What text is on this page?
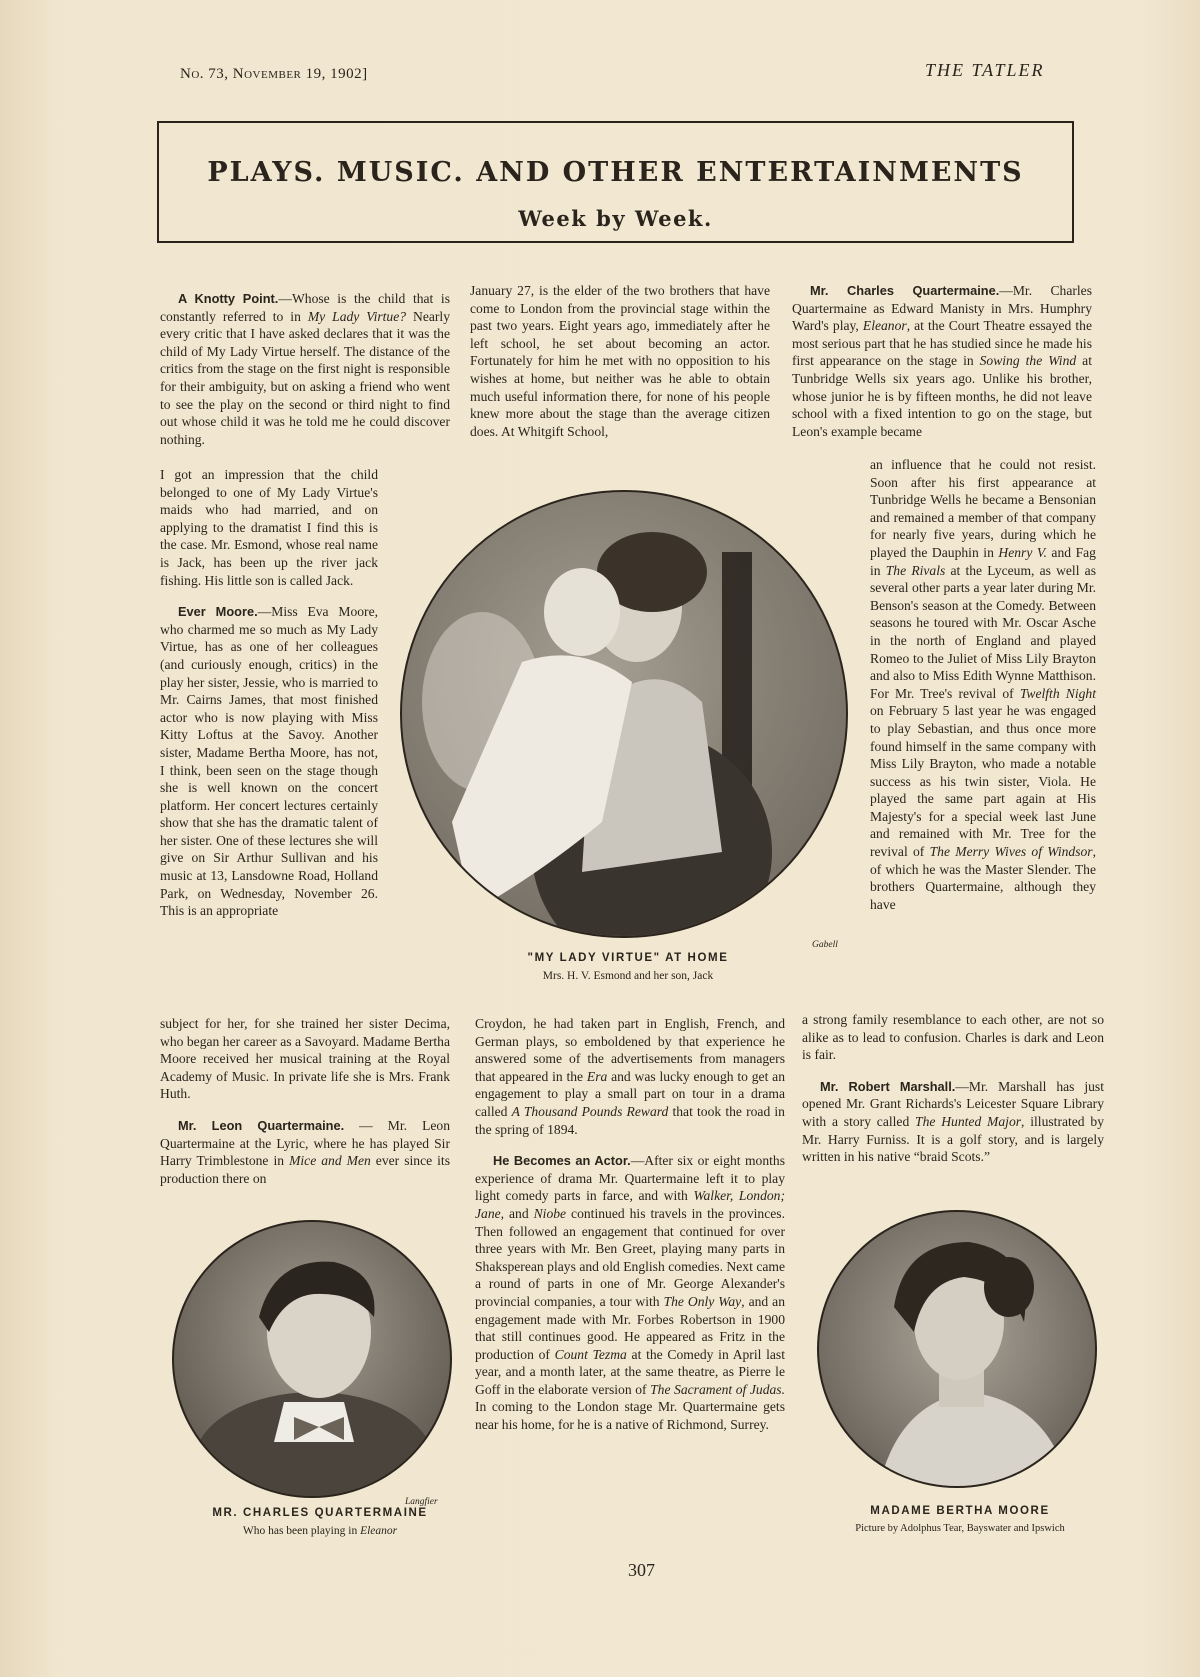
No. 73, November 19, 1902]	THE TATLER
PLAYS. MUSIC. AND OTHER ENTERTAINMENTS
Week by Week.

A Knotty Point.—Whose is the child that is constantly referred to in My Lady Virtue? Nearly every critic that I have asked declares that it was the child of My Lady Virtue herself. The distance of the critics from the stage on the first night is responsible for their ambiguity, but on asking a friend who went to see the play on the second or third night to find out whose child it was he told me he could discover nothing.

I got an impression that the child belonged to one of My Lady Virtue's maids who had married, and on applying to the dramatist I find this is the case. Mr. Esmond, whose real name is Jack, has been up the river jack fishing. His little son is called Jack.

Ever Moore.—Miss Eva Moore, who charmed me so much as My Lady Virtue, has as one of her colleagues (and curiously enough, critics) in the play her sister, Jessie, who is married to Mr. Cairns James, that most finished actor who is now playing with Miss Kitty Loftus at the Savoy. Another sister, Madame Bertha Moore, has not, I think, been seen on the stage though she is well known on the concert platform. Her concert lectures certainly show that she has the dramatic talent of her sister. One of these lectures she will give on Sir Arthur Sullivan and his music at 13, Lansdowne Road, Holland Park, on Wednesday, November 26. This is an appropriate

subject for her, for she trained her sister Decima, who began her career as a Savoyard. Madame Bertha Moore received her musical training at the Royal Academy of Music. In private life she is Mrs. Frank Huth.

Mr. Leon Quartermaine. — Mr. Leon Quartermaine at the Lyric, where he has played Sir Harry Trimblestone in Mice and Men ever since its production there on

January 27, is the elder of the two brothers that have come to London from the provincial stage within the past two years. Eight years ago, immediately after he left school, he set about becoming an actor. Fortunately for him he met with no opposition to his wishes at home, but neither was he able to obtain much useful information there, for none of his people knew more about the stage than the average citizen does. At Whitgift School,

Croydon, he had taken part in English, French, and German plays, so emboldened by that experience he answered some of the advertisements from managers that appeared in the Era and was lucky enough to get an engagement to play a small part on tour in a drama called A Thousand Pounds Reward that took the road in the spring of 1894.

He Becomes an Actor.—After six or eight months experience of drama Mr. Quartermaine left it to play light comedy parts in farce, and with Walker, London; Jane, and Niobe continued his travels in the provinces. Then followed an engagement that continued for over three years with Mr. Ben Greet, playing many parts in Shaksperean plays and old English comedies. Next came a round of parts in one of Mr. George Alexander's provincial companies, a tour with The Only Way, and an engagement made with Mr. Forbes Robertson in 1900 that still continues good. He appeared as Fritz in the production of Count Tezma at the Comedy in April last year, and a month later, at the same theatre, as Pierre le Goff in the elaborate version of The Sacrament of Judas. In coming to the London stage Mr. Quartermaine gets near his home, for he is a native of Richmond, Surrey.

Mr. Charles Quartermaine.—Mr. Charles Quartermaine as Edward Manisty in Mrs. Humphry Ward's play, Eleanor, at the Court Theatre essayed the most serious part that he has studied since he made his first appearance on the stage in Sowing the Wind at Tunbridge Wells six years ago. Unlike his brother, whose junior he is by fifteen months, he did not leave school with a fixed intention to go on the stage, but Leon's example became

an influence that he could not resist. Soon after his first appearance at Tunbridge Wells he became a Bensonian and remained a member of that company for nearly five years, during which he played the Dauphin in Henry V. and Fag in The Rivals at the Lyceum, as well as several other parts a year later during Mr. Benson's season at the Comedy. Between seasons he toured with Mr. Oscar Asche in the north of England and played Romeo to the Juliet of Miss Lily Brayton and also to Miss Edith Wynne Matthison. For Mr. Tree's revival of Twelfth Night on February 5 last year he was engaged to play Sebastian, and thus once more found himself in the same company with Miss Lily Brayton, who made a notable success as his twin sister, Viola. He played the same part again at His Majesty's for a special week last June and remained with Mr. Tree for the revival of The Merry Wives of Windsor, of which he was the Master Slender. The brothers Quartermaine, although they have

a strong family resemblance to each other, are not so alike as to lead to confusion. Charles is dark and Leon is fair.

Mr. Robert Marshall.—Mr. Marshall has just opened Mr. Grant Richards's Leicester Square Library with a story called The Hunted Major, illustrated by Mr. Harry Furniss. It is a golf story, and is largely written in his native “braid Scots.”

"MY LADY VIRTUE" AT HOME
Mrs. H. V. Esmond and her son, Jack
Gabell
MR. CHARLES QUARTERMAINE
Who has been playing in Eleanor
Langfier
MADAME BERTHA MOORE
Picture by Adolphus Tear, Bayswater and Ipswich
307
